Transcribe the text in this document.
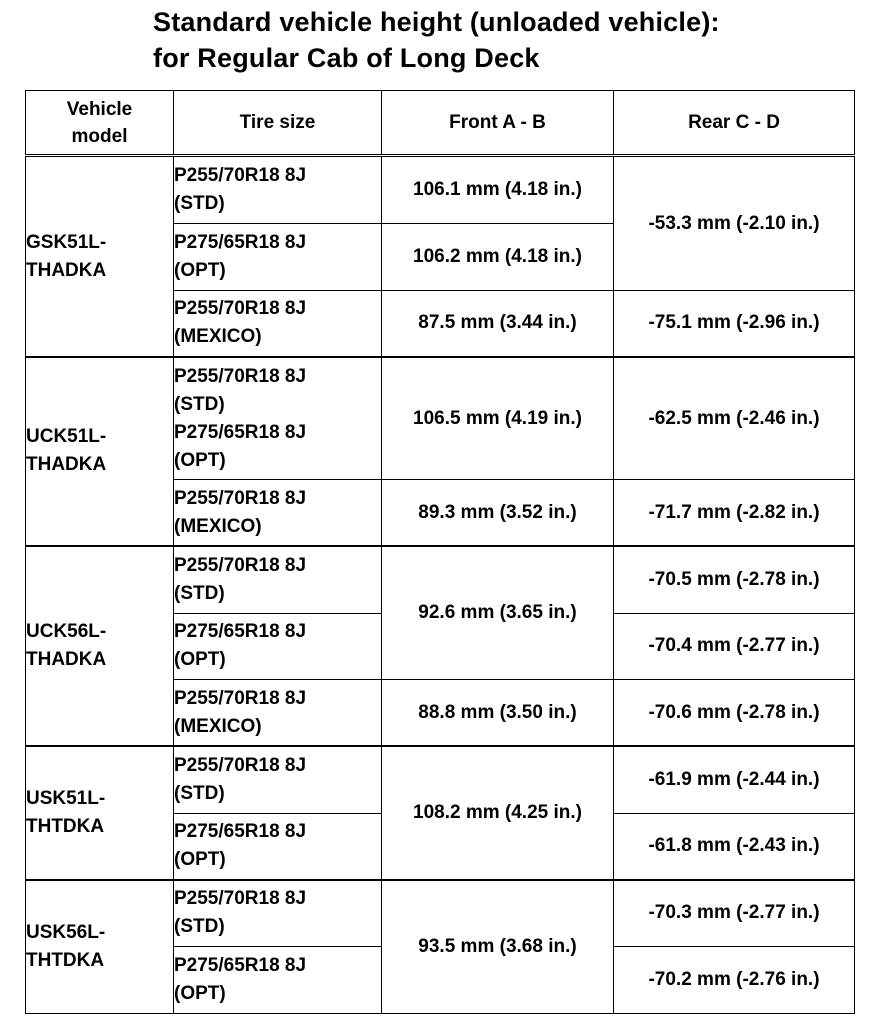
Standard vehicle height (unloaded vehicle):
for Regular Cab of Long Deck
Vehicle
model	Tire size	Front A - B	Rear C - D

GSK51L-
THADKA	P255/70R18 8J
(STD)	106.1 mm (4.18 in.)	-53.3 mm (-2.10 in.)

	P275/65R18 8J
(OPT)	106.2 mm (4.18 in.)	

	P255/70R18 8J
(MEXICO)	87.5 mm (3.44 in.)	-75.1 mm (-2.96 in.)

UCK51L-
THADKA	P255/70R18 8J
(STD)
P275/65R18 8J
(OPT)	106.5 mm (4.19 in.)	-62.5 mm (-2.46 in.)

	P255/70R18 8J
(MEXICO)	89.3 mm (3.52 in.)	-71.7 mm (-2.82 in.)

UCK56L-
THADKA	P255/70R18 8J
(STD)	92.6 mm (3.65 in.)	-70.5 mm (-2.78 in.)

	P275/65R18 8J
(OPT)		-70.4 mm (-2.77 in.)

	P255/70R18 8J
(MEXICO)	88.8 mm (3.50 in.)	-70.6 mm (-2.78 in.)

USK51L-
THTDKA	P255/70R18 8J
(STD)	108.2 mm (4.25 in.)	-61.9 mm (-2.44 in.)

	P275/65R18 8J
(OPT)		-61.8 mm (-2.43 in.)

USK56L-
THTDKA	P255/70R18 8J
(STD)	93.5 mm (3.68 in.)	-70.3 mm (-2.77 in.)

	P275/65R18 8J
(OPT)		-70.2 mm (-2.76 in.)
